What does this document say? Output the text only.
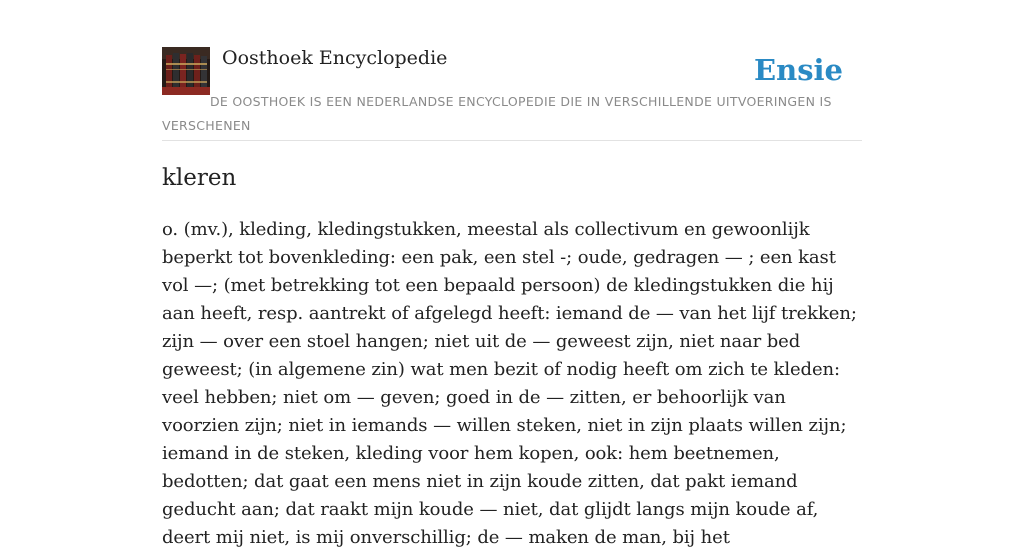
Oosthoek Encyclopedie	Ensie
DE OOSTHOEK IS EEN NEDERLANDSE ENCYCLOPEDIE DIE IN VERSCHILLENDE UITVOERINGEN IS VERSCHENEN
kleren

o. (mv.), kleding, kledingstukken, meestal als collectivum en gewoonlijk beperkt tot bovenkleding: een pak, een stel -; oude, gedragen — ; een kast vol —; (met betrekking tot een bepaald persoon) de kledingstukken die hij aan heeft, resp. aantrekt of afgelegd heeft: iemand de — van het lijf trekken; zijn — over een stoel hangen; niet uit de — geweest zijn, niet naar bed geweest; (in algemene zin) wat men bezit of nodig heeft om zich te kleden: veel hebben; niet om — geven; goed in de — zitten, er behoorlijk van voorzien zijn; niet in iemands — willen steken, niet in zijn plaats willen zijn; iemand in de steken, kleding voor hem kopen, ook: hem beetnemen, bedotten; dat gaat een mens niet in zijn koude zitten, dat pakt iemand geducht aan; dat raakt mijn koude — niet, dat glijdt langs mijn koude af, deert mij niet, is mij onverschillig; de — maken de man, bij het
